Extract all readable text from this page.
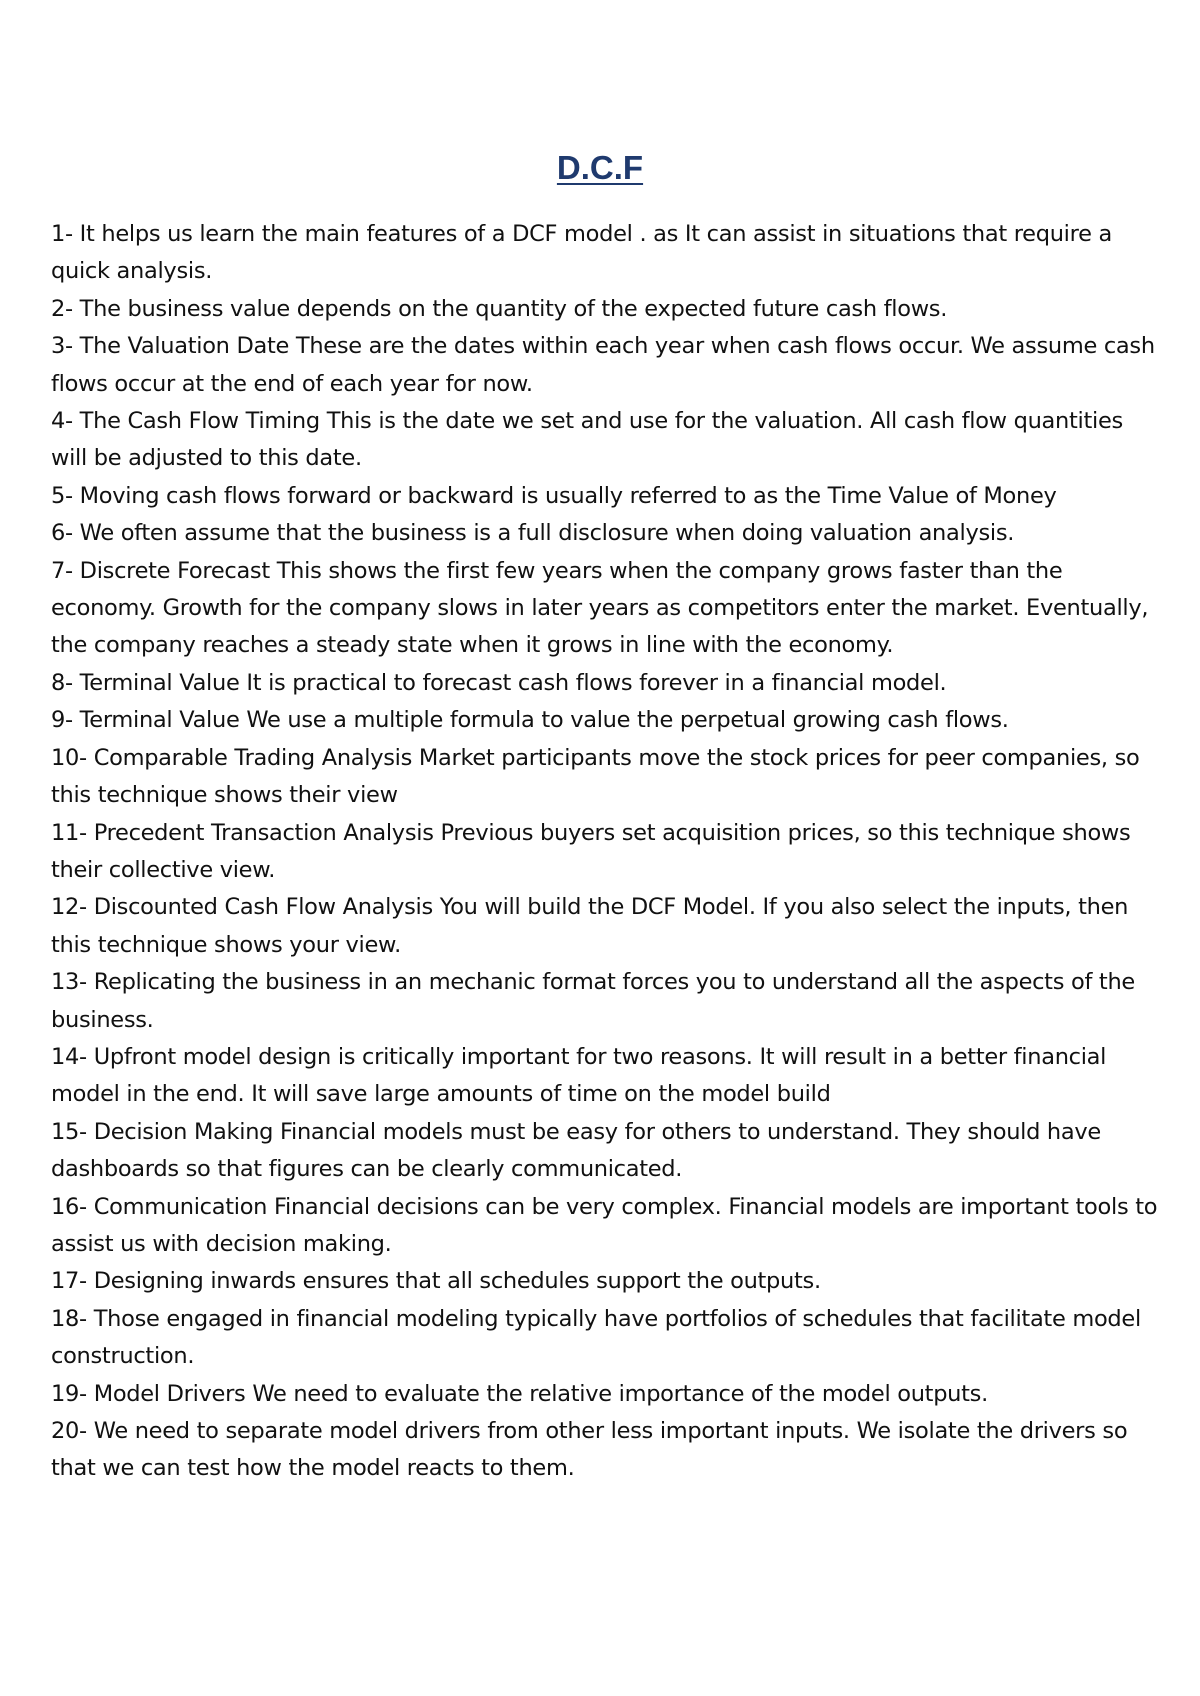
D.C.F
1- It helps us learn the main features of a DCF model . as It can assist in situations that require a quick analysis.
2- The business value depends on the quantity of the expected future cash flows.
3- The Valuation Date These are the dates within each year when cash flows occur. We assume cash flows occur at the end of each year for now.
4- The Cash Flow Timing This is the date we set and use for the valuation. All cash flow quantities will be adjusted to this date.
5- Moving cash flows forward or backward is usually referred to as the Time Value of Money
6- We often assume that the business is a full disclosure when doing valuation analysis.
7- Discrete Forecast This shows the first few years when the company grows faster than the economy. Growth for the company slows in later years as competitors enter the market. Eventually, the company reaches a steady state when it grows in line with the economy.
8- Terminal Value It is practical to forecast cash flows forever in a financial model.
9- Terminal Value We use a multiple formula to value the perpetual growing cash flows.
10- Comparable Trading Analysis Market participants move the stock prices for peer companies, so this technique shows their view
11- Precedent Transaction Analysis Previous buyers set acquisition prices, so this technique shows their collective view.
12- Discounted Cash Flow Analysis You will build the DCF Model. If you also select the inputs, then this technique shows your view.
13- Replicating the business in an mechanic format forces you to understand all the aspects of the business.
14- Upfront model design is critically important for two reasons. It will result in a better financial model in the end. It will save large amounts of time on the model build
15- Decision Making Financial models must be easy for others to understand. They should have dashboards so that figures can be clearly communicated.
16- Communication Financial decisions can be very complex. Financial models are important tools to assist us with decision making.
17- Designing inwards ensures that all schedules support the outputs.
18- Those engaged in financial modeling typically have portfolios of schedules that facilitate model construction.
19- Model Drivers We need to evaluate the relative importance of the model outputs.
20- We need to separate model drivers from other less important inputs. We isolate the drivers so that we can test how the model reacts to them.
